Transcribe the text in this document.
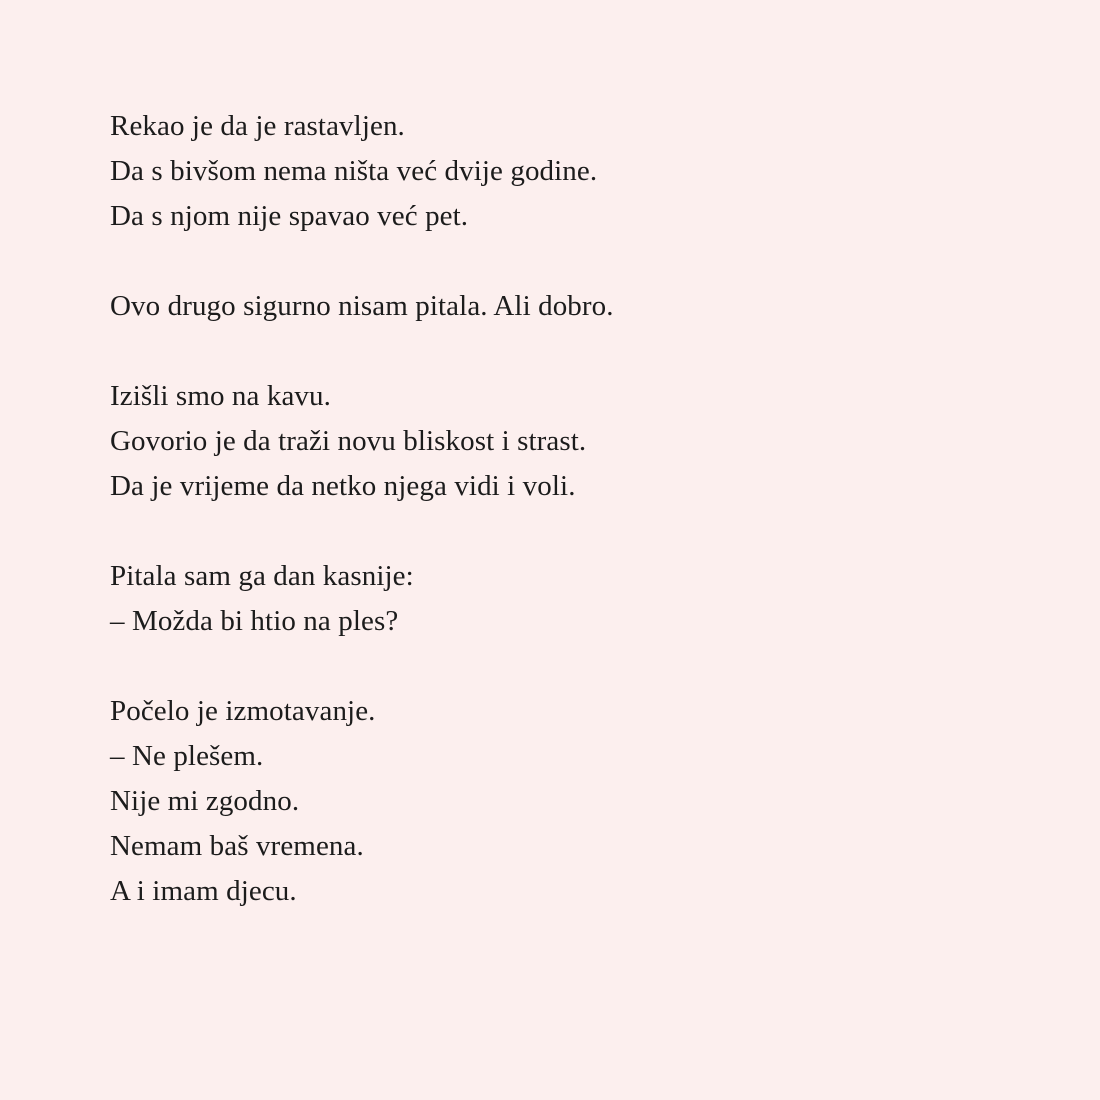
Rekao je da je rastavljen.
Da s bivšom nema ništa već dvije godine.
Da s njom nije spavao već pet.
Ovo drugo sigurno nisam pitala. Ali dobro.
Izišli smo na kavu.
Govorio je da traži novu bliskost i strast.
Da je vrijeme da netko njega vidi i voli.
Pitala sam ga dan kasnije:
– Možda bi htio na ples?
Počelo je izmotavanje.
– Ne plešem.
Nije mi zgodno.
Nemam baš vremena.
A i imam djecu.
